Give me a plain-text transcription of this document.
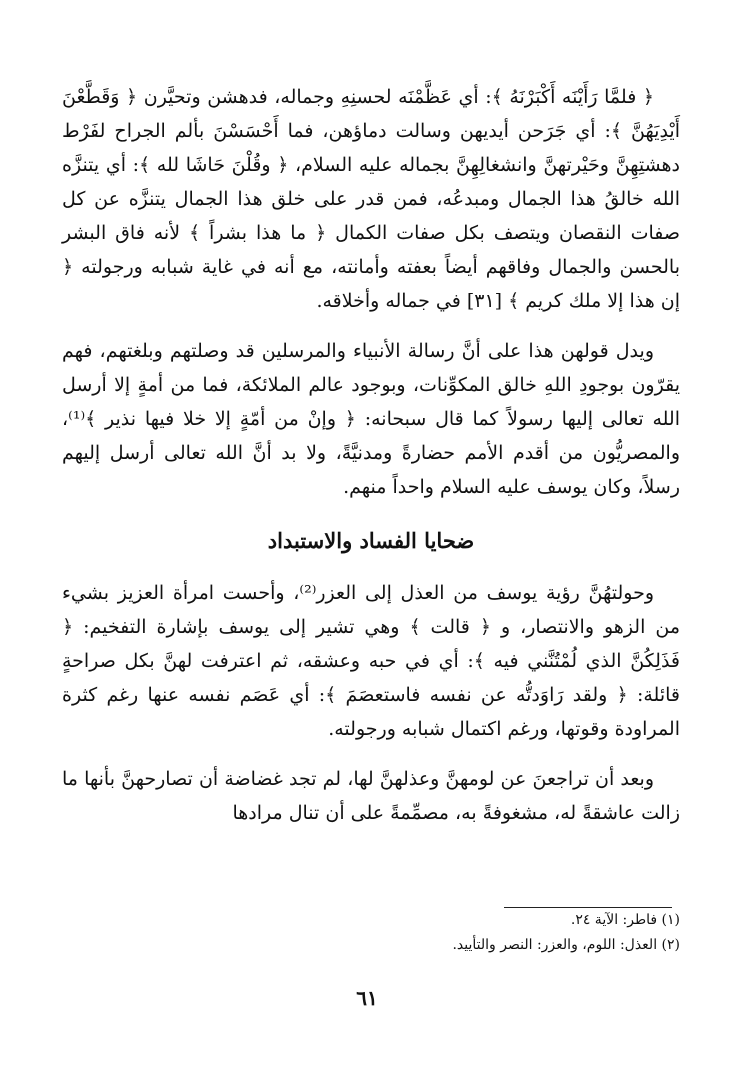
﴿ فلمَّا رَأَيْنَه أَكْبَرْنَهُ ﴾: أي عَظَّمْنَه لحسنِهِ وجماله، فدهشن وتحيَّرن ﴿ وَقَطَّعْنَ أَيْدِيَهُنَّ ﴾: أي جَرَحن أيديهن وسالت دماؤهن، فما أَحْسَسْنَ بألم الجراح لفَرْط دهشتِهِنَّ وحَيْرتهنَّ وانشغالِهِنَّ بجماله عليه السلام، ﴿ وقُلْنَ حَاشَا لله ﴾: أي يتنزَّه الله خالقُ هذا الجمال ومبدعُه، فمن قدر على خلق هذا الجمال يتنزَّه عن كل صفات النقصان ويتصف بكل صفات الكمال ﴿ ما هذا بشراً ﴾ لأنه فاق البشر بالحسن والجمال وفاقهم أيضاً بعفته وأمانته، مع أنه في غاية شبابه ورجولته ﴿ إن هذا إلا ملك كريم ﴾ [٣١] في جماله وأخلاقه.

ويدل قولهن هذا على أنَّ رسالة الأنبياء والمرسلين قد وصلتهم وبلغتهم، فهم يقرّون بوجودِ اللهِ خالق المكوِّنات، وبوجود عالم الملائكة، فما من أمةٍ إلا أرسل الله تعالى إليها رسولاً كما قال سبحانه: ﴿ وإنْ من أمّةٍ إلا خلا فيها نذير ﴾⁽¹⁾، والمصريُّون من أقدم الأمم حضارةً ومدنيَّةً، ولا بد أنَّ الله تعالى أرسل إليهم رسلاً، وكان يوسف عليه السلام واحداً منهم.

ضحايا الفساد والاستبداد

وحولتهُنَّ رؤية يوسف من العذل إلى العزر⁽²⁾، وأحست امرأة العزيز بشيء من الزهو والانتصار، و ﴿ قالت ﴾ وهي تشير إلى يوسف بإشارة التفخيم: ﴿ فَذَلِكُنَّ الذي لُمْتُنَّني فيه ﴾: أي في حبه وعشقه، ثم اعترفت لهنَّ بكل صراحةٍ قائلة: ﴿ ولقد رَاوَدتُّه عن نفسه فاستعصَمَ ﴾: أي عَصَم نفسه عنها رغم كثرة المراودة وقوتها، ورغم اكتمال شبابه ورجولته.

وبعد أن تراجعنَ عن لومهنَّ وعذلهنَّ لها، لم تجد غضاضة أن تصارحهنَّ بأنها ما زالت عاشقةً له، مشغوفةً به، مصمِّمةً على أن تنال مرادها

(١) فاطر: الآية ٢٤.

(٢) العذل: اللوم، والعزر: النصر والتأييد.

٦١
